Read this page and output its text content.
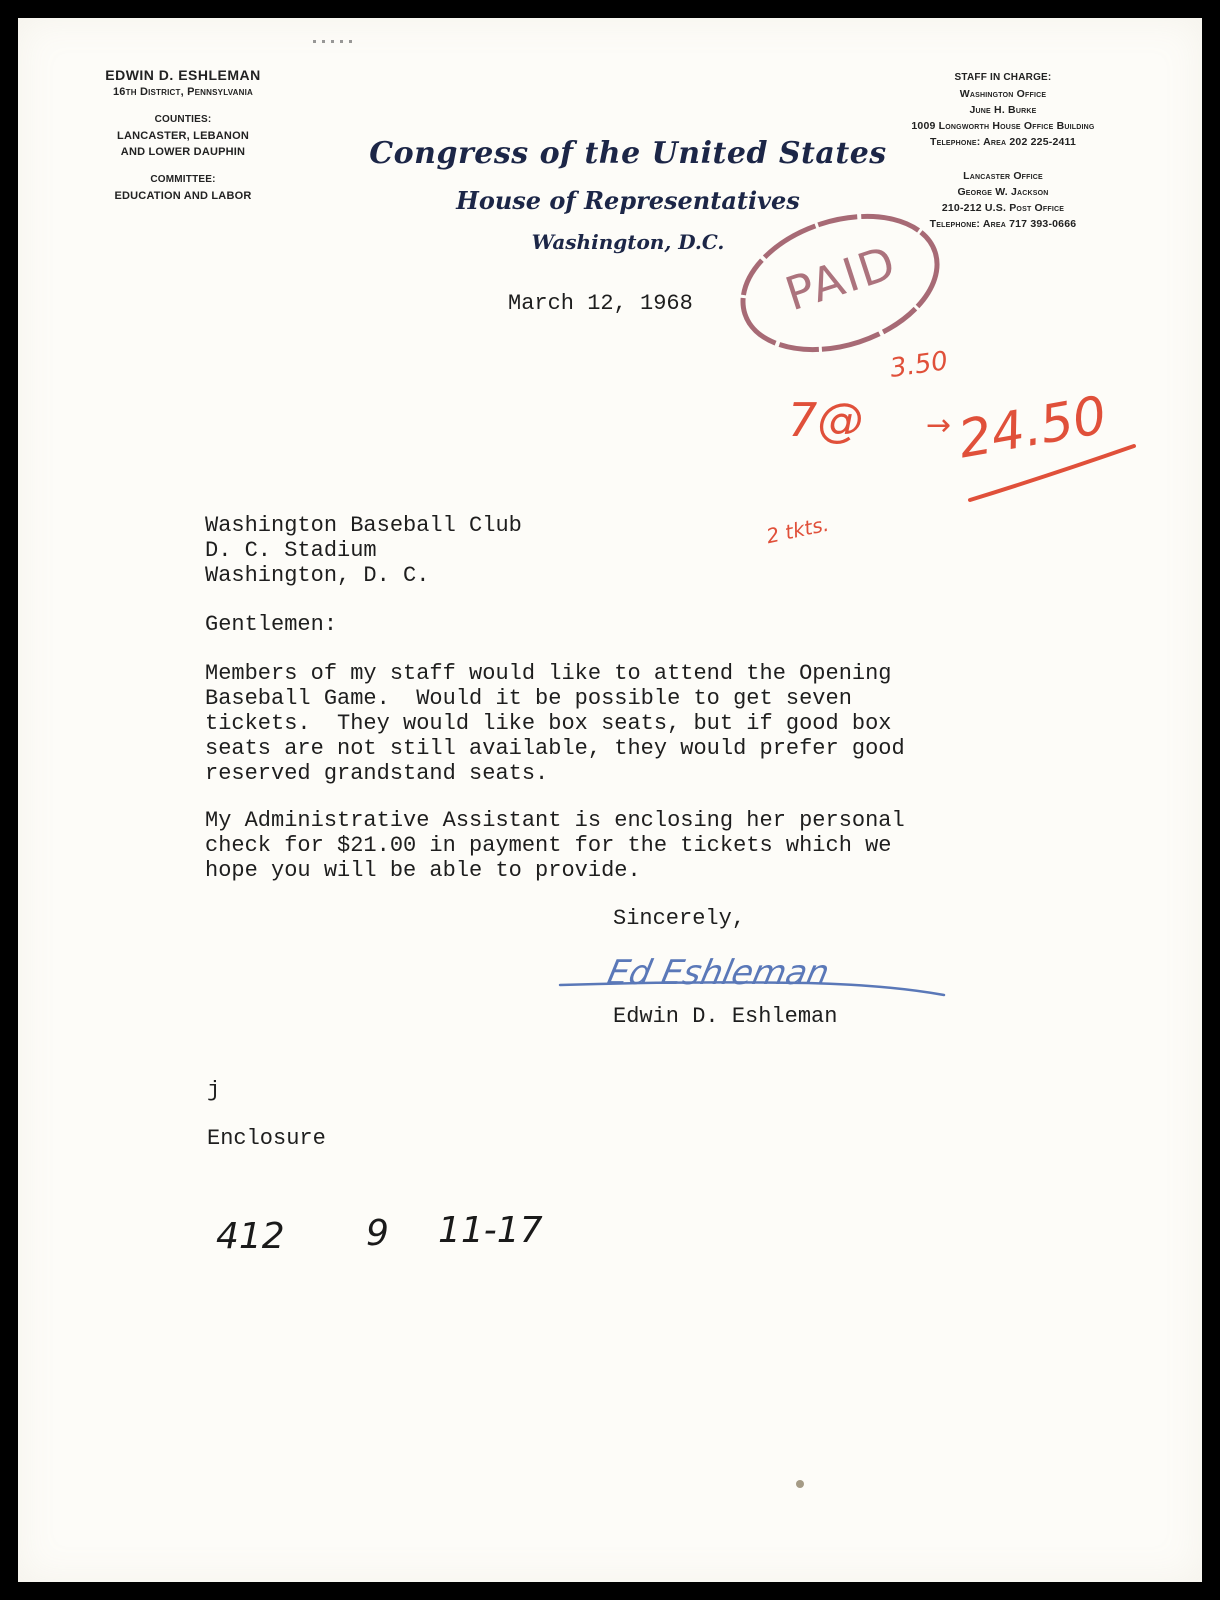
EDWIN D. ESHLEMAN
16th District, Pennsylvania
COUNTIES:
LANCASTER, LEBANON
AND LOWER DAUPHIN
COMMITTEE:
EDUCATION AND LABOR
Congress of the United States
House of Representatives
Washington, D.C.
STAFF IN CHARGE:
Washington Office
June H. Burke
1009 Longworth House Office Building
Telephone: Area 202 225-2411
Lancaster Office
George W. Jackson
210-212 U.S. Post Office
Telephone: Area 717 393-0666
PAID
7@
3.50
→ 24.50
2 tkts.
March 12, 1968
Washington Baseball Club
D. C. Stadium
Washington, D. C.
Gentlemen:
Members of my staff would like to attend the Opening
Baseball Game.  Would it be possible to get seven
tickets.  They would like box seats, but if good box
seats are not still available, they would prefer good
reserved grandstand seats.
My Administrative Assistant is enclosing her personal
check for $21.00 in payment for the tickets which we
hope you will be able to provide.
Sincerely,
Ed Eshleman
Edwin D. Eshleman
j
Enclosure
412 9 11-17
